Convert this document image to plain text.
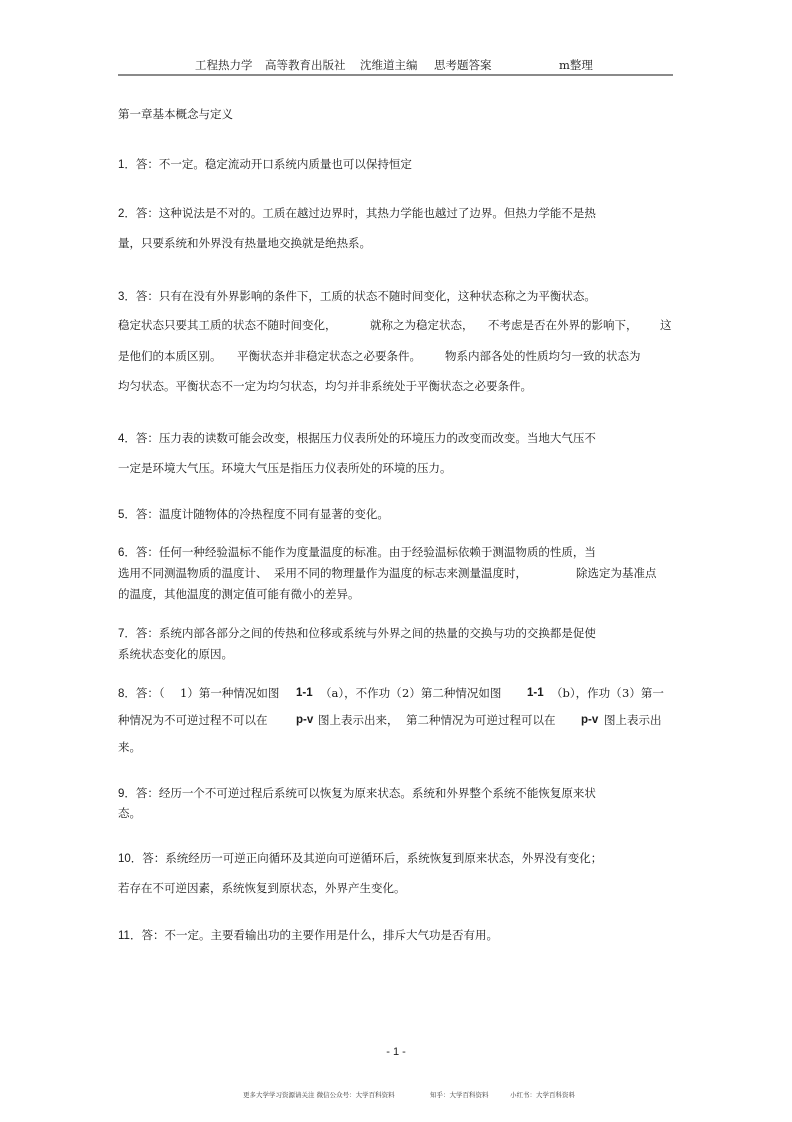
工程热力学 高等教育出版社 沈维道主编 思考题答案	m整理
第一章基本概念与定义
1．答：不一定。稳定流动开口系统内质量也可以保持恒定
2．答：这种说法是不对的。工质在越过边界时，其热力学能也越过了边界。但热力学能不是热
量，只要系统和外界没有热量地交换就是绝热系。
3．答：只有在没有外界影响的条件下，工质的状态不随时间变化，这种状态称之为平衡状态。
稳定状态只要其工质的状态不随时间变化，	就称之为稳定状态， 不考虑是否在外界的影响下， 这
是他们的本质区别。 平衡状态并非稳定状态之必要条件。 物系内部各处的性质均匀一致的状态为
均匀状态。平衡状态不一定为均匀状态，均匀并非系统处于平衡状态之必要条件。
4．答：压力表的读数可能会改变，根据压力仪表所处的环境压力的改变而改变。当地大气压不
一定是环境大气压。环境大气压是指压力仪表所处的环境的压力。
5．答：温度计随物体的冷热程度不同有显著的变化。
6．答：任何一种经验温标不能作为度量温度的标准。由于经验温标依赖于测温物质的性质，当
选用不同测温物质的温度计、 采用不同的物理量作为温度的标志来测量温度时，	除选定为基准点
的温度，其他温度的测定值可能有微小的差异。
7．答：系统内部各部分之间的传热和位移或系统与外界之间的热量的交换与功的交换都是促使
系统状态变化的原因。
8．答：（ 1）第一种情况如图 1-1 （a），不作功（ 2）第二种情况如图 1-1 （b），作功（ 3）第一
种情况为不可逆过程不可以在 p-v 图上表示出来， 第二种情况为可逆过程可以在 p-v 图上表示出
来。
9．答：经历一个不可逆过程后系统可以恢复为原来状态。系统和外界整个系统不能恢复原来状
态。
10．答：系统经历一可逆正向循环及其逆向可逆循环后，系统恢复到原来状态，外界没有变化；
若存在不可逆因素，系统恢复到原状态，外界产生变化。
11．答：不一定。主要看输出功的主要作用是什么，排斥大气功是否有用。
- 1 -
更多大学学习资源请关注 微信公众号：大学百科资料	知乎：大学百科资料	小红书：大学百科资料
